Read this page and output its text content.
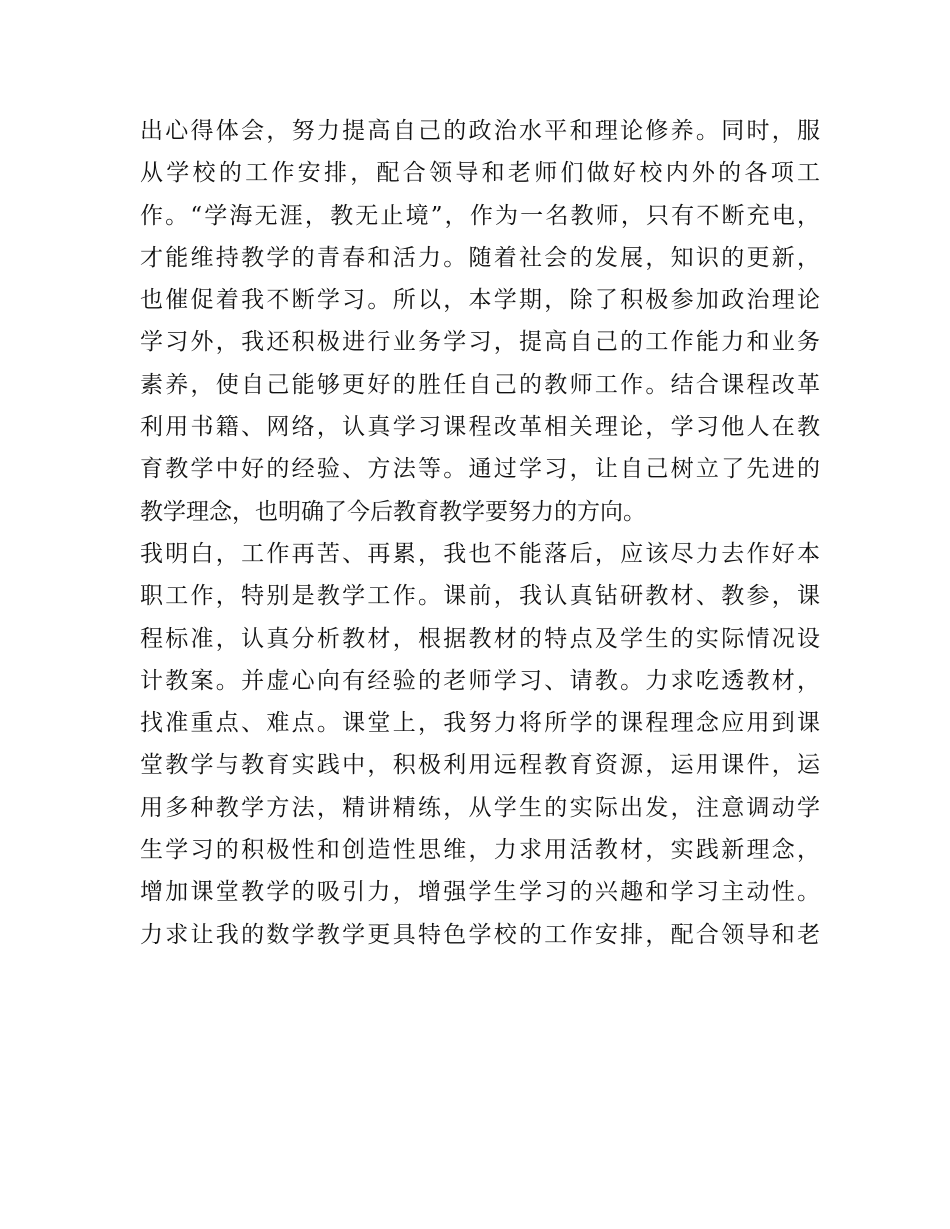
出心得体会，努力提高自己的政治水平和理论修养。同时，服
从学校的工作安排，配合领导和老师们做好校内外的各项工
作。“学海无涯，教无止境”，作为一名教师，只有不断充电，
才能维持教学的青春和活力。随着社会的发展，知识的更新，
也催促着我不断学习。所以，本学期，除了积极参加政治理论
学习外，我还积极进行业务学习，提高自己的工作能力和业务
素养，使自己能够更好的胜任自己的教师工作。结合课程改革
利用书籍、网络，认真学习课程改革相关理论，学习他人在教
育教学中好的经验、方法等。通过学习，让自己树立了先进的
教学理念，也明确了今后教育教学要努力的方向。
我明白，工作再苦、再累，我也不能落后，应该尽力去作好本
职工作，特别是教学工作。课前，我认真钻研教材、教参，课
程标准，认真分析教材，根据教材的特点及学生的实际情况设
计教案。并虚心向有经验的老师学习、请教。力求吃透教材，
找准重点、难点。课堂上，我努力将所学的课程理念应用到课
堂教学与教育实践中，积极利用远程教育资源，运用课件，运
用多种教学方法，精讲精练，从学生的实际出发，注意调动学
生学习的积极性和创造性思维，力求用活教材，实践新理念，
增加课堂教学的吸引力，增强学生学习的兴趣和学习主动性。
力求让我的数学教学更具特色学校的工作安排，配合领导和老
